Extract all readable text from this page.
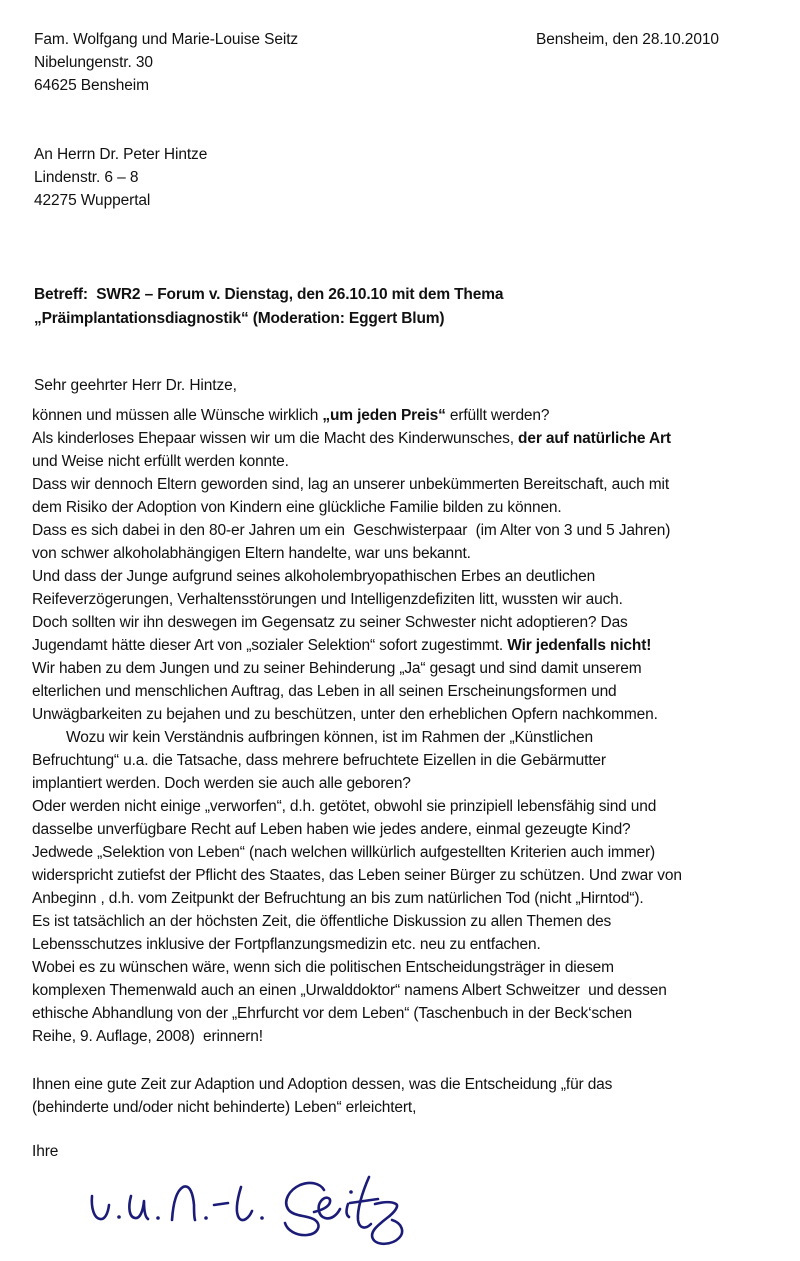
Fam. Wolfgang und Marie-Louise Seitz
Nibelungenstr. 30
64625 Bensheim
Bensheim, den 28.10.2010
An Herrn Dr. Peter Hintze
Lindenstr. 6 – 8
42275 Wuppertal
Betreff:  SWR2 – Forum v. Dienstag, den 26.10.10 mit dem Thema
„Präimplantationsdiagnostik“ (Moderation: Eggert Blum)
Sehr geehrter Herr Dr. Hintze,
können und müssen alle Wünsche wirklich „um jeden Preis“ erfüllt werden?
Als kinderloses Ehepaar wissen wir um die Macht des Kinderwunsches, der auf natürliche Art
und Weise nicht erfüllt werden konnte.
Dass wir dennoch Eltern geworden sind, lag an unserer unbekümmerten Bereitschaft, auch mit
dem Risiko der Adoption von Kindern eine glückliche Familie bilden zu können.
Dass es sich dabei in den 80-er Jahren um ein  Geschwisterpaar  (im Alter von 3 und 5 Jahren)
von schwer alkoholabhängigen Eltern handelte, war uns bekannt.
Und dass der Junge aufgrund seines alkoholembryopathischen Erbes an deutlichen
Reifeverzögerungen, Verhaltensstörungen und Intelligenzdefiziten litt, wussten wir auch.
Doch sollten wir ihn deswegen im Gegensatz zu seiner Schwester nicht adoptieren? Das
Jugendamt hätte dieser Art von „sozialer Selektion“ sofort zugestimmt. Wir jedenfalls nicht!
Wir haben zu dem Jungen und zu seiner Behinderung „Ja“ gesagt und sind damit unserem
elterlichen und menschlichen Auftrag, das Leben in all seinen Erscheinungsformen und
Unwägbarkeiten zu bejahen und zu beschützen, unter den erheblichen Opfern nachkommen.
Wozu wir kein Verständnis aufbringen können, ist im Rahmen der „Künstlichen
Befruchtung“ u.a. die Tatsache, dass mehrere befruchtete Eizellen in die Gebärmutter
implantiert werden. Doch werden sie auch alle geboren?
Oder werden nicht einige „verworfen“, d.h. getötet, obwohl sie prinzipiell lebensfähig sind und
dasselbe unverfügbare Recht auf Leben haben wie jedes andere, einmal gezeugte Kind?
Jedwede „Selektion von Leben“ (nach welchen willkürlich aufgestellten Kriterien auch immer)
widerspricht zutiefst der Pflicht des Staates, das Leben seiner Bürger zu schützen. Und zwar von
Anbeginn , d.h. vom Zeitpunkt der Befruchtung an bis zum natürlichen Tod (nicht „Hirntod“).
Es ist tatsächlich an der höchsten Zeit, die öffentliche Diskussion zu allen Themen des
Lebensschutzes inklusive der Fortpflanzungsmedizin etc. neu zu entfachen.
Wobei es zu wünschen wäre, wenn sich die politischen Entscheidungsträger in diesem
komplexen Themenwald auch an einen „Urwalddoktor“ namens Albert Schweitzer  und dessen
ethische Abhandlung von der „Ehrfurcht vor dem Leben“ (Taschenbuch in der Beck‘schen
Reihe, 9. Auflage, 2008)  erinnern!
Ihnen eine gute Zeit zur Adaption und Adoption dessen, was die Entscheidung „für das
(behinderte und/oder nicht behinderte) Leben“ erleichtert,
Ihre
